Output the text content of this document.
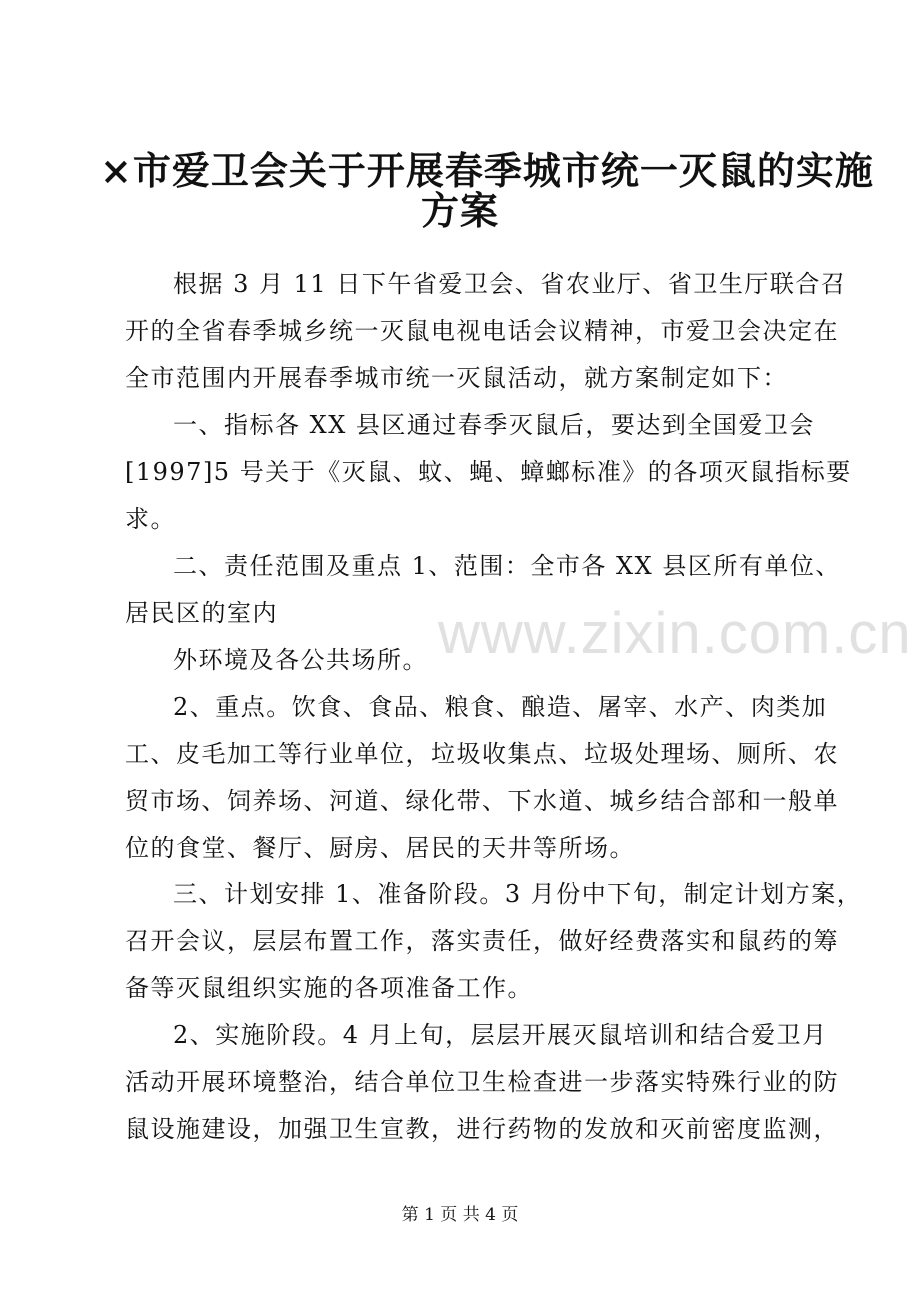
×市爱卫会关于开展春季城市统一灭鼠的实施
方案
www.zixin.com.cn
根据 3 月 11 日下午省爱卫会、省农业厅、省卫生厅联合召
开的全省春季城乡统一灭鼠电视电话会议精神，市爱卫会决定在
全市范围内开展春季城市统一灭鼠活动，就方案制定如下：
一、指标各 XX 县区通过春季灭鼠后，要达到全国爱卫会
[1997]5 号关于《灭鼠、蚊、蝇、蟑螂标准》的各项灭鼠指标要
求。
二、责任范围及重点 1、范围：全市各 XX 县区所有单位、
居民区的室内
外环境及各公共场所。
2、重点。饮食、食品、粮食、酿造、屠宰、水产、肉类加
工、皮毛加工等行业单位，垃圾收集点、垃圾处理场、厕所、农
贸市场、饲养场、河道、绿化带、下水道、城乡结合部和一般单
位的食堂、餐厅、厨房、居民的天井等所场。
三、计划安排 1、准备阶段。3 月份中下旬，制定计划方案，
召开会议，层层布置工作，落实责任，做好经费落实和鼠药的筹
备等灭鼠组织实施的各项准备工作。
2、实施阶段。4 月上旬，层层开展灭鼠培训和结合爱卫月
活动开展环境整治，结合单位卫生检查进一步落实特殊行业的防
鼠设施建设，加强卫生宣教，进行药物的发放和灭前密度监测，
第 1 页 共 4 页
